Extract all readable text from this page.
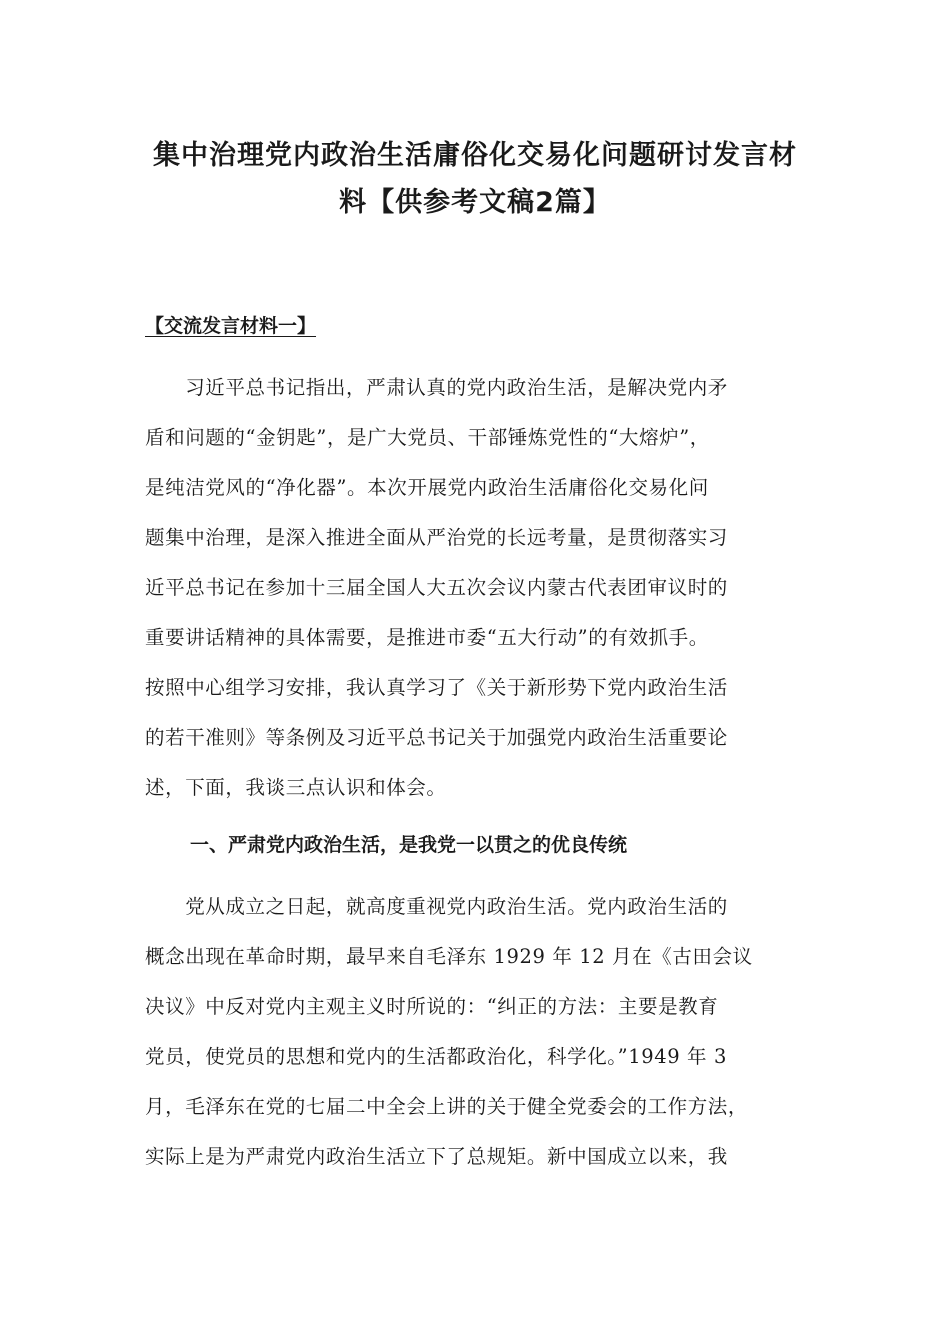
集中治理党内政治生活庸俗化交易化问题研讨发言材
料【供参考文稿2篇】

【交流发言材料一】

　　习近平总书记指出，严肃认真的党内政治生活，是解决党内矛
盾和问题的“金钥匙”，是广大党员、干部锤炼党性的“大熔炉”，
是纯洁党风的“净化器”。本次开展党内政治生活庸俗化交易化问
题集中治理，是深入推进全面从严治党的长远考量，是贯彻落实习
近平总书记在参加十三届全国人大五次会议内蒙古代表团审议时的
重要讲话精神的具体需要，是推进市委“五大行动”的有效抓手。
按照中心组学习安排，我认真学习了《关于新形势下党内政治生活
的若干准则》等条例及习近平总书记关于加强党内政治生活重要论
述，下面，我谈三点认识和体会。
一、严肃党内政治生活，是我党一以贯之的优良传统
　　党从成立之日起，就高度重视党内政治生活。党内政治生活的
概念出现在革命时期，最早来自毛泽东 1929 年 12 月在《古田会议
决议》中反对党内主观主义时所说的：“纠正的方法：主要是教育
党员，使党员的思想和党内的生活都政治化，科学化。”1949 年 3
月，毛泽东在党的七届二中全会上讲的关于健全党委会的工作方法，
实际上是为严肃党内政治生活立下了总规矩。新中国成立以来，我
